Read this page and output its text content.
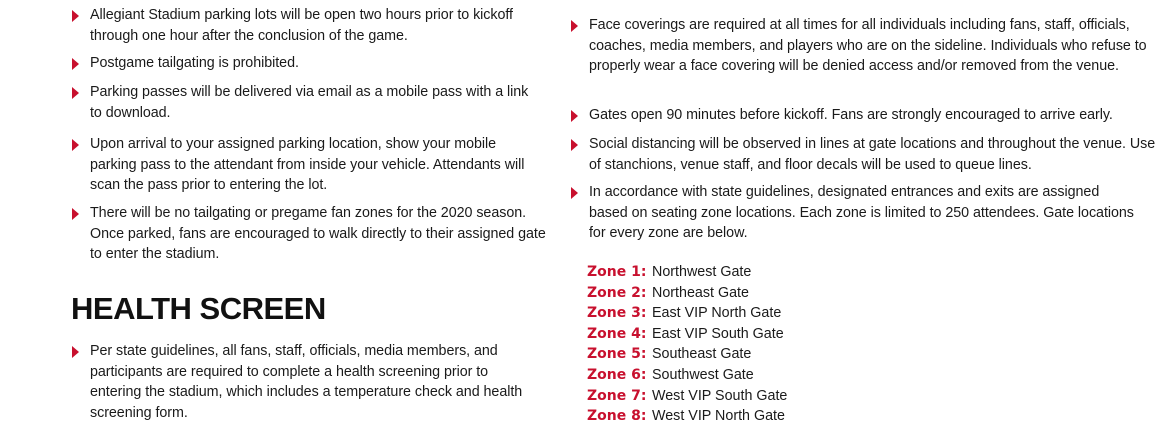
Allegiant Stadium parking lots will be open two hours prior to kickoff through one hour after the conclusion of the game.
Postgame tailgating is prohibited.
Parking passes will be delivered via email as a mobile pass with a link to download.
Upon arrival to your assigned parking location, show your mobile parking pass to the attendant from inside your vehicle. Attendants will scan the pass prior to entering the lot.
There will be no tailgating or pregame fan zones for the 2020 season. Once parked, fans are encouraged to walk directly to their assigned gate to enter the stadium.
HEALTH SCREEN
Per state guidelines, all fans, staff, officials, media members, and participants are required to complete a health screening prior to entering the stadium, which includes a temperature check and health screening form.
Face coverings are required at all times for all individuals including fans, staff, officials, coaches, media members, and players who are on the sideline. Individuals who refuse to properly wear a face covering will be denied access and/or removed from the venue.
Gates open 90 minutes before kickoff. Fans are strongly encouraged to arrive early.
Social distancing will be observed in lines at gate locations and throughout the venue. Use of stanchions, venue staff, and floor decals will be used to queue lines.
In accordance with state guidelines, designated entrances and exits are assigned based on seating zone locations. Each zone is limited to 250 attendees. Gate locations for every zone are below.
Zone 1: Northwest Gate
Zone 2: Northeast Gate
Zone 3: East VIP North Gate
Zone 4: East VIP South Gate
Zone 5: Southeast Gate
Zone 6: Southwest Gate
Zone 7: West VIP South Gate
Zone 8: West VIP North Gate
